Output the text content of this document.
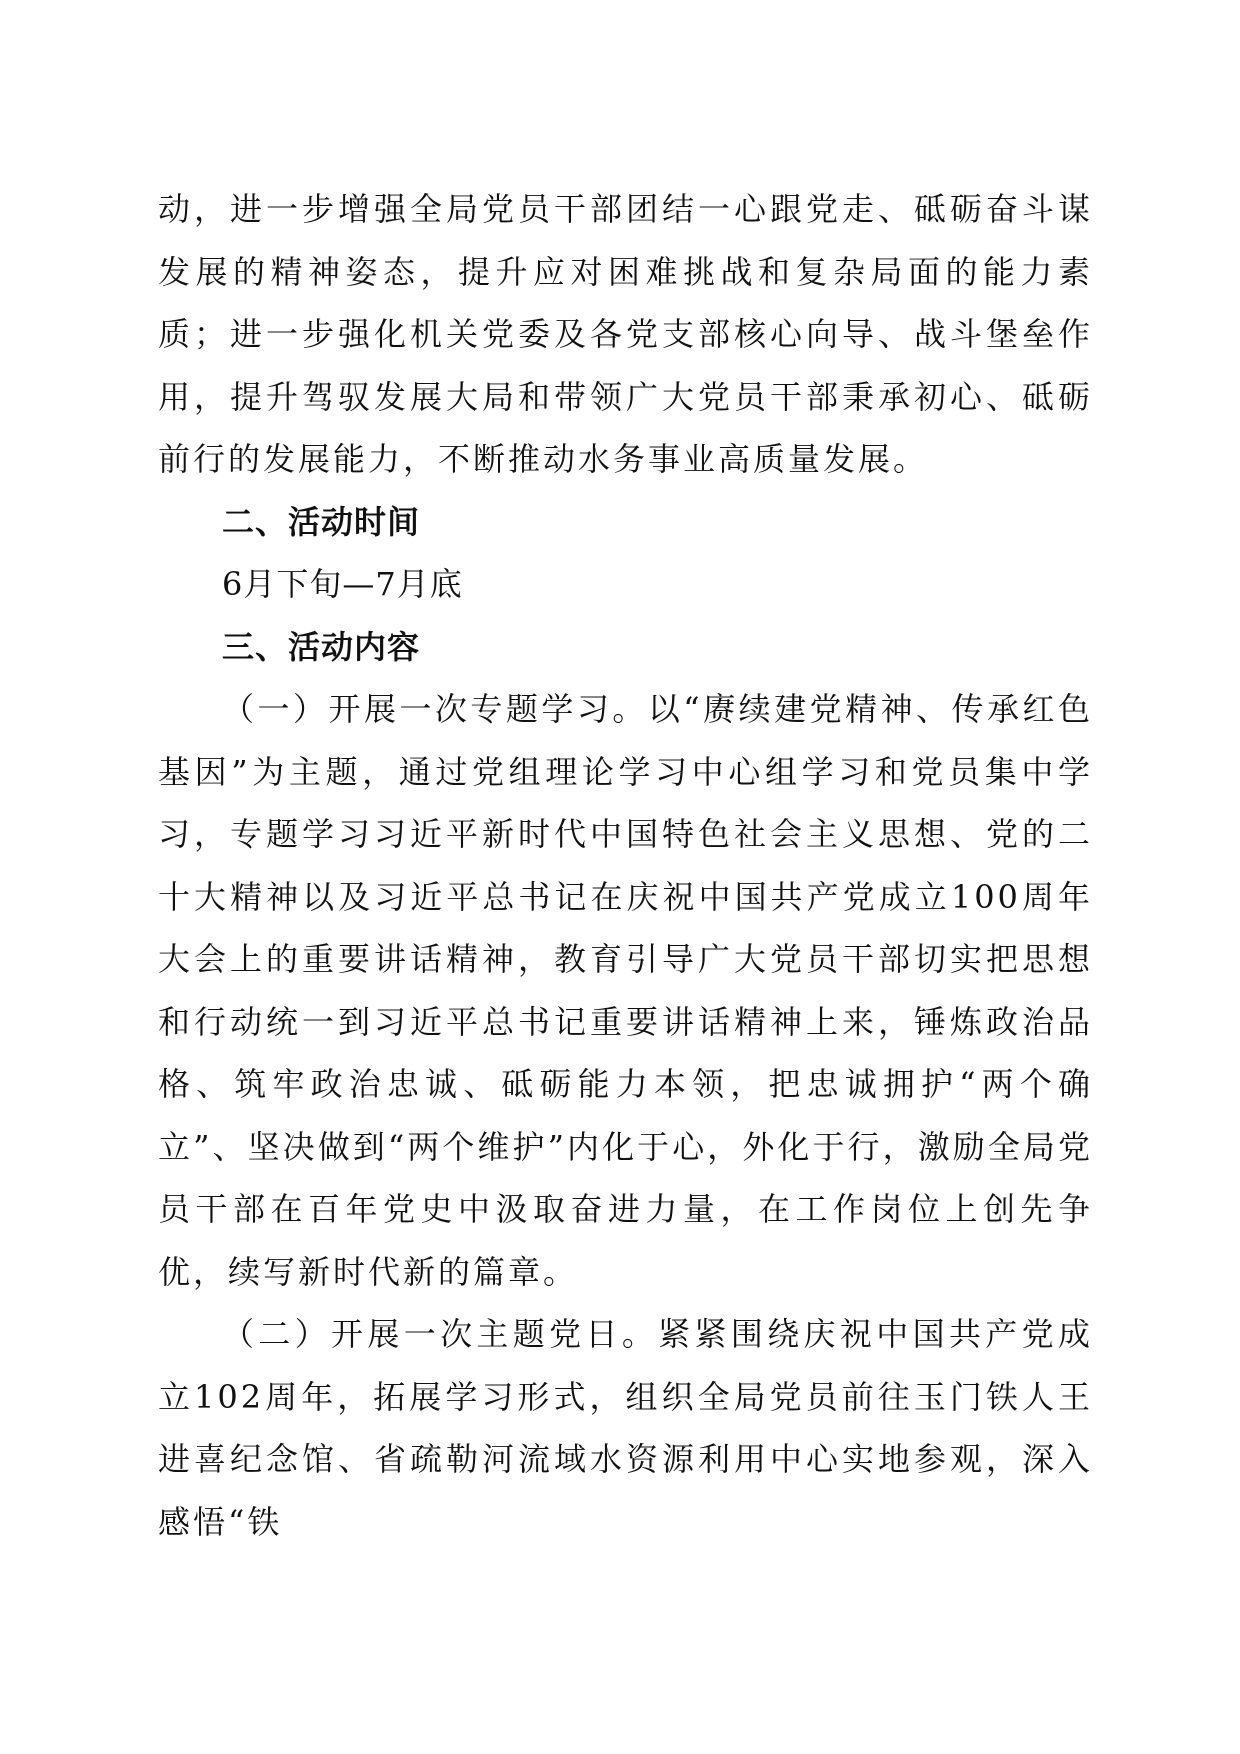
动，进一步增强全局党员干部团结一心跟党走、砥砺奋斗谋发展的精神姿态，提升应对困难挑战和复杂局面的能力素质；进一步强化机关党委及各党支部核心向导、战斗堡垒作用，提升驾驭发展大局和带领广大党员干部秉承初心、砥砺前行的发展能力，不断推动水务事业高质量发展。

二、活动时间

6月下旬—7月底

三、活动内容

（一）开展一次专题学习。以“赓续建党精神、传承红色基因”为主题，通过党组理论学习中心组学习和党员集中学习，专题学习习近平新时代中国特色社会主义思想、党的二十大精神以及习近平总书记在庆祝中国共产党成立100周年大会上的重要讲话精神，教育引导广大党员干部切实把思想和行动统一到习近平总书记重要讲话精神上来，锤炼政治品格、筑牢政治忠诚、砥砺能力本领，把忠诚拥护“两个确立”、坚决做到“两个维护”内化于心，外化于行，激励全局党员干部在百年党史中汲取奋进力量，在工作岗位上创先争优，续写新时代新的篇章。

（二）开展一次主题党日。紧紧围绕庆祝中国共产党成立102周年，拓展学习形式，组织全局党员前往玉门铁人王进喜纪念馆、省疏勒河流域水资源利用中心实地参观，深入感悟“铁
